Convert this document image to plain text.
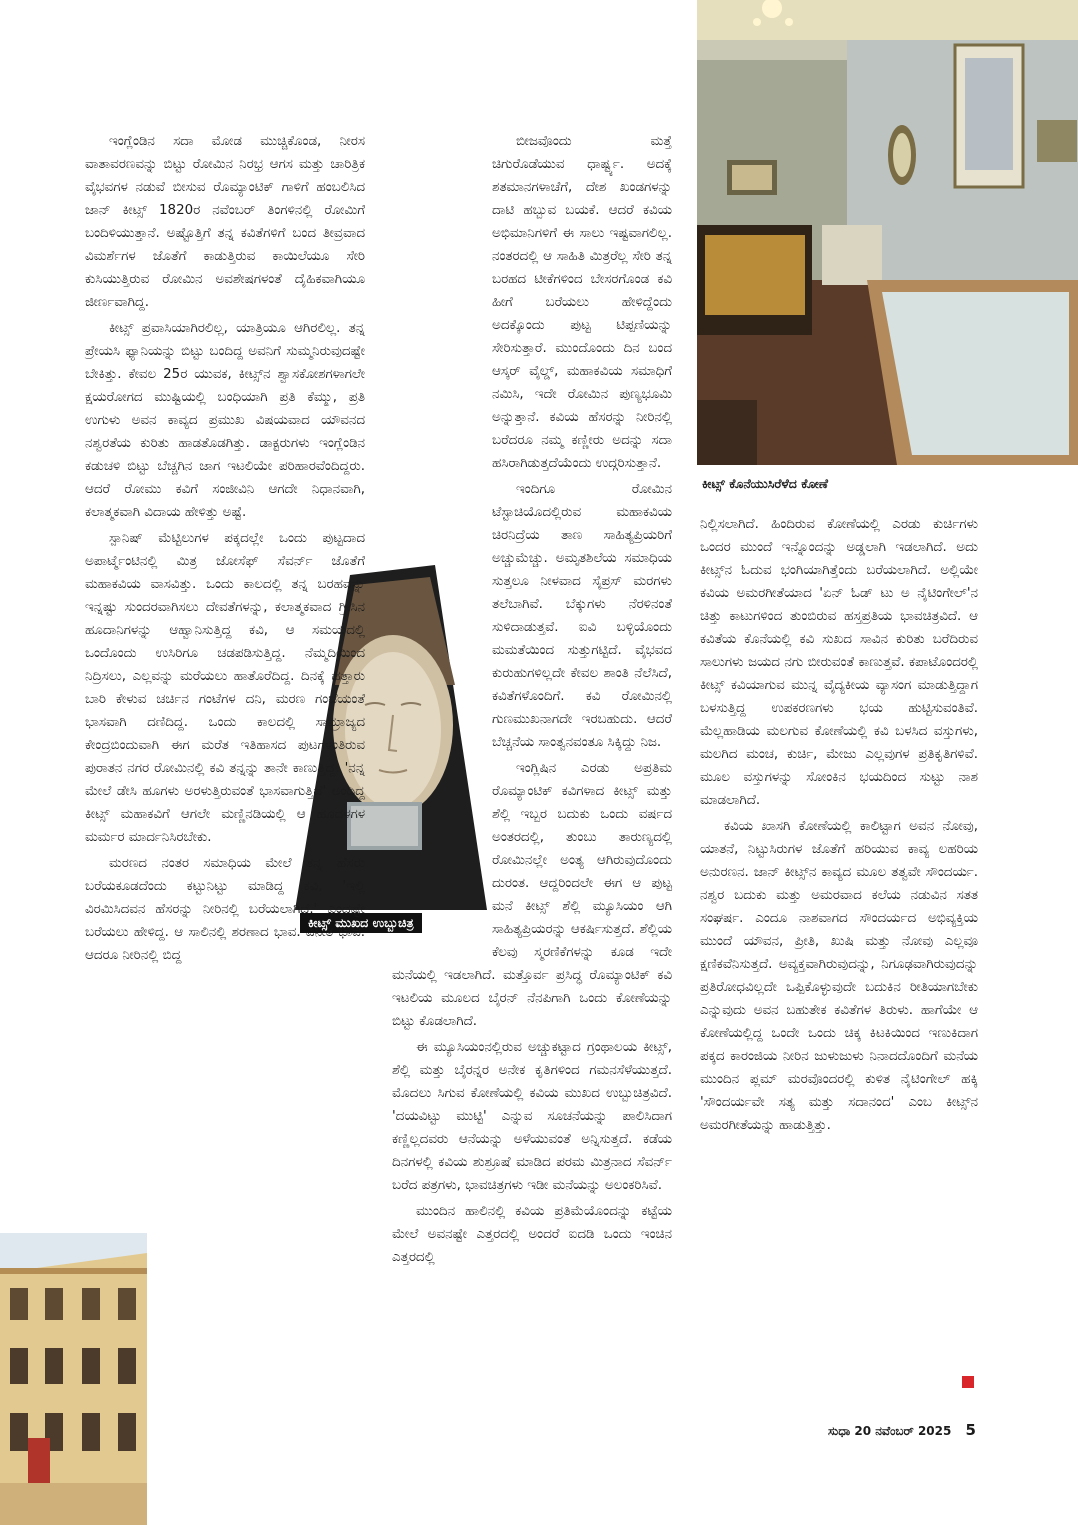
ಕೀಟ್ಸ್ ಕೊನೆಯುಸಿರೆಳೆದ ಕೋಣೆ
ಕೀಟ್ಸ್ ಮುಖದ ಉಬ್ಬುಚಿತ್ರ

ಇಂಗ್ಲೆಂಡಿನ ಸದಾ ಮೋಡ ಮುಚ್ಚಿಕೊಂಡ, ನೀರಸ ವಾತಾವರಣವನ್ನು ಬಿಟ್ಟು ರೋಮಿನ ನಿರಭ್ರ ಆಗಸ ಮತ್ತು ಚಾರಿತ್ರಿಕ ವೈಭವಗಳ ನಡುವೆ ಬೀಸುವ ರೊಮ್ಯಾಂಟಿಕ್ ಗಾಳಿಗೆ ಹಂಬಲಿಸಿದ ಜಾನ್ ಕೀಟ್ಸ್ 1820ರ ನವೆಂಬರ್ ತಿಂಗಳಿನಲ್ಲಿ ರೋಮಿಗೆ ಬಂದಿಳಿಯುತ್ತಾನೆ. ಅಷ್ಟೊತ್ತಿಗೆ ತನ್ನ ಕವಿತೆಗಳಿಗೆ ಬಂದ ತೀವ್ರವಾದ ವಿಮರ್ಶೆಗಳ ಜೊತೆಗೆ ಕಾಡುತ್ತಿರುವ ಕಾಯಿಲೆಯೂ ಸೇರಿ ಕುಸಿಯುತ್ತಿರುವ ರೋಮಿನ ಅವಶೇಷಗಳಂತೆ ದೈಹಿಕವಾಗಿಯೂ ಜೀರ್ಣವಾಗಿದ್ದ.

ಕೀಟ್ಸ್ ಪ್ರವಾಸಿಯಾಗಿರಲಿಲ್ಲ, ಯಾತ್ರಿಯೂ ಆಗಿರಲಿಲ್ಲ. ತನ್ನ ಪ್ರೇಯಸಿ ಫ್ಯಾನಿಯನ್ನು ಬಿಟ್ಟು ಬಂದಿದ್ದ ಅವನಿಗೆ ಸುಮ್ಮನಿರುವುದಷ್ಟೇ ಬೇಕಿತ್ತು. ಕೇವಲ 25ರ ಯುವಕ, ಕೀಟ್ಸ್‌ನ ಶ್ವಾಸಕೋಶಗಳಾಗಲೇ ಕ್ಷಯರೋಗದ ಮುಷ್ಟಿಯಲ್ಲಿ ಬಂಧಿಯಾಗಿ ಪ್ರತಿ ಕೆಮ್ಮು, ಪ್ರತಿ ಉಗುಳು ಅವನ ಕಾವ್ಯದ ಪ್ರಮುಖ ವಿಷಯವಾದ ಯೌವನದ ನಶ್ವರತೆಯ ಕುರಿತು ಹಾಡತೊಡಗಿತ್ತು. ಡಾಕ್ಟರುಗಳು ಇಂಗ್ಲೆಂಡಿನ ಕಡುಚಳಿ ಬಿಟ್ಟು ಬೆಚ್ಚಗಿನ ಜಾಗ ಇಟಲಿಯೇ ಪರಿಹಾರವೆಂದಿದ್ದರು. ಆದರೆ ರೋಮು ಕವಿಗೆ ಸಂಜೀವಿನಿ ಆಗದೇ ನಿಧಾನವಾಗಿ, ಕಲಾತ್ಮಕವಾಗಿ ವಿದಾಯ ಹೇಳಿತ್ತು ಅಷ್ಟೆ.

ಸ್ಪಾನಿಷ್ ಮೆಟ್ಟಿಲುಗಳ ಪಕ್ಕದಲ್ಲೇ ಒಂದು ಪುಟ್ಟದಾದ ಅಪಾರ್ಟ್ಮೆಂಟಿನಲ್ಲಿ ಮಿತ್ರ ಜೋಸೆಫ್ ಸೆವರ್ನ್ ಜೊತೆಗೆ ಮಹಾಕವಿಯ ವಾಸವಿತ್ತು. ಒಂದು ಕಾಲದಲ್ಲಿ ತನ್ನ ಬರಹವನ್ನು ಇನ್ನಷ್ಟು ಸುಂದರವಾಗಿಸಲು ದೇವತೆಗಳನ್ನು, ಕಲಾತ್ಮಕವಾದ ಗ್ರೀಸಿನ ಹೂದಾನಿಗಳನ್ನು ಆಹ್ವಾನಿಸುತ್ತಿದ್ದ ಕವಿ, ಆ ಸಮಯದಲ್ಲಿ ಒಂದೊಂದು ಉಸಿರಿಗೂ ಚಡಪಡಿಸುತ್ತಿದ್ದ. ನೆಮ್ಮದಿಯಿಂದ ನಿದ್ರಿಸಲು, ಎಲ್ಲವನ್ನು ಮರೆಯಲು ಹಾತೊರೆದಿದ್ದ. ದಿನಕ್ಕೆ ಹತ್ತಾರು ಬಾರಿ ಕೇಳುವ ಚರ್ಚಿನ ಗಂಟೆಗಳ ದನಿ, ಮರಣ ಗಂಟೆಯಂತೆ ಭಾಸವಾಗಿ ದಣಿದಿದ್ದ. ಒಂದು ಕಾಲದಲ್ಲಿ ಸಾಮ್ರಾಜ್ಯದ ಕೇಂದ್ರಬಿಂದುವಾಗಿ ಈಗ ಮರೆತ ಇತಿಹಾಸದ ಪುಟಗಳಂತಿರುವ ಪುರಾತನ ನಗರ ರೋಮಿನಲ್ಲಿ ಕವಿ ತನ್ನನ್ನು ತಾನೇ ಕಾಣುತ್ತಿದ್ದ. 'ನನ್ನ ಮೇಲೆ ಡೇಸಿ ಹೂಗಳು ಅರಳುತ್ತಿರುವಂತೆ ಭಾಸವಾಗುತ್ತಿದೆ' ಅಂದಿದ್ದ ಕೀಟ್ಸ್ ಮಹಾಕವಿಗೆ ಆಗಲೇ ಮಣ್ಣಿನಡಿಯಲ್ಲಿ ಆ ಹೂದಳಗಳ ಮರ್ಮರ ಮಾರ್ದನಿಸಿರಬೇಕು.

ಮರಣದ ನಂತರ ಸಮಾಧಿಯ ಮೇಲೆ ತನ್ನ ಹೆಸರು ಬರೆಯಕೂಡದೆಂದು ಕಟ್ಟುನಿಟ್ಟು ಮಾಡಿದ್ದ ಕವಿ, 'ಇಲ್ಲಿ ವಿರಮಿಸಿದವನ ಹೆಸರನ್ನು ನೀರಿನಲ್ಲಿ ಬರೆಯಲಾಗಿದೆ.' ಎಂದಷ್ಟೇ ಬರೆಯಲು ಹೇಳಿದ್ದ. ಆ ಸಾಲಿನಲ್ಲಿ ಶರಣಾದ ಭಾವ. ವಿನೀತ ಭಾವ. ಆದರೂ ನೀರಿನಲ್ಲಿ ಬಿದ್ದ

ಬೀಜವೊಂದು ಮತ್ತೆ ಚಿಗುರೊಡೆಯುವ ಧಾರ್ಷ್ಟ್ಯ. ಅದಕ್ಕೆ ಶತಮಾನಗಳಾಚೆಗೆ, ದೇಶ ಖಂಡಗಳನ್ನು ದಾಟಿ ಹಬ್ಬುವ ಬಯಕೆ. ಆದರೆ ಕವಿಯ ಅಭಿಮಾನಿಗಳಿಗೆ ಈ ಸಾಲು ಇಷ್ಟವಾಗಲಿಲ್ಲ. ನಂತರದಲ್ಲಿ ಆ ಸಾಹಿತಿ ಮಿತ್ರರೆಲ್ಲ ಸೇರಿ ತನ್ನ ಬರಹದ ಟೀಕೆಗಳಿಂದ ಬೇಸರಗೊಂಡ ಕವಿ ಹೀಗೆ ಬರೆಯಲು ಹೇಳಿದ್ದೆಂದು ಅದಕ್ಕೊಂದು ಪುಟ್ಟ ಟಿಪ್ಪಣಿಯನ್ನು ಸೇರಿಸುತ್ತಾರೆ. ಮುಂದೊಂದು ದಿನ ಬಂದ ಆಸ್ಕರ್ ವೈಲ್ಡ್, ಮಹಾಕವಿಯ ಸಮಾಧಿಗೆ ನಮಿಸಿ, ಇದೇ ರೋಮಿನ ಪುಣ್ಯಭೂಮಿ ಅನ್ನುತ್ತಾನೆ. ಕವಿಯ ಹೆಸರನ್ನು ನೀರಿನಲ್ಲಿ ಬರೆದರೂ ನಮ್ಮ ಕಣ್ಣೀರು ಅದನ್ನು ಸದಾ ಹಸಿರಾಗಿಡುತ್ತದೆಯೆಂದು ಉದ್ಗರಿಸುತ್ತಾನೆ.

ಇಂದಿಗೂ ರೋಮಿನ ಟೆಸ್ಟಾಚಿಯೊದಲ್ಲಿರುವ ಮಹಾಕವಿಯ ಚಿರನಿದ್ರೆಯ ತಾಣ ಸಾಹಿತ್ಯಪ್ರಿಯರಿಗೆ ಅಚ್ಚುಮೆಚ್ಚು. ಅಮೃತಶಿಲೆಯ ಸಮಾಧಿಯ ಸುತ್ತಲೂ ನೀಳವಾದ ಸೈಪ್ರಸ್ ಮರಗಳು ತಲೆಬಾಗಿವೆ. ಬೆಕ್ಕುಗಳು ನೆರಳಿನಂತೆ ಸುಳಿದಾಡುತ್ತವೆ. ಐವಿ ಬಳ್ಳಿಯೊಂದು ಮಮತೆಯಿಂದ ಸುತ್ತುಗಟ್ಟಿದೆ. ವೈಭವದ ಕುರುಹುಗಳಿಲ್ಲದೇ ಕೇವಲ ಶಾಂತಿ ನೆಲೆಸಿದೆ, ಕವಿತೆಗಳೊಂದಿಗೆ. ಕವಿ ರೋಮಿನಲ್ಲಿ ಗುಣಮುಖನಾಗದೇ ಇರಬಹುದು. ಆದರೆ ಬೆಚ್ಚನೆಯ ಸಾಂತ್ವನವಂತೂ ಸಿಕ್ಕಿದ್ದು ನಿಜ.

ಇಂಗ್ಲಿಷಿನ ಎರಡು ಅಪ್ರತಿಮ ರೊಮ್ಯಾಂಟಿಕ್ ಕವಿಗಳಾದ ಕೀಟ್ಸ್ ಮತ್ತು ಶೆಲ್ಲಿ ಇಬ್ಬರ ಬದುಕು ಒಂದು ವರ್ಷದ ಅಂತರದಲ್ಲಿ, ತುಂಬು ತಾರುಣ್ಯದಲ್ಲಿ ರೋಮಿನಲ್ಲೇ ಅಂತ್ಯ ಆಗಿರುವುದೊಂದು ದುರಂತ. ಆದ್ದರಿಂದಲೇ ಈಗ ಆ ಪುಟ್ಟ ಮನೆ ಕೀಟ್ಸ್ ಶೆಲ್ಲಿ ಮ್ಯೂಸಿಯಂ ಆಗಿ ಸಾಹಿತ್ಯಪ್ರಿಯರನ್ನು ಆಕರ್ಷಿಸುತ್ತದೆ. ಶೆಲ್ಲಿಯ ಕೆಲವು ಸ್ಮರಣಿಕೆಗಳನ್ನು ಕೂಡ ಇದೇ ಮನೆಯಲ್ಲಿ ಇಡಲಾಗಿದೆ. ಮತ್ತೊರ್ವ ಪ್ರಸಿದ್ಧ ರೊಮ್ಯಾಂಟಿಕ್ ಕವಿ ಇಟಲಿಯ ಮೂಲದ ಬೈರನ್ ನೆನಪಿಗಾಗಿ ಒಂದು ಕೋಣೆಯನ್ನು ಬಿಟ್ಟು ಕೊಡಲಾಗಿದೆ.

ಈ ಮ್ಯೂಸಿಯಂನಲ್ಲಿರುವ ಅಚ್ಚುಕಟ್ಟಾದ ಗ್ರಂಥಾಲಯ ಕೀಟ್ಸ್, ಶೆಲ್ಲಿ ಮತ್ತು ಬೈರನ್ನರ ಅನೇಕ ಕೃತಿಗಳಿಂದ ಗಮನಸೆಳೆಯುತ್ತದೆ. ಮೊದಲು ಸಿಗುವ ಕೋಣೆಯಲ್ಲಿ ಕವಿಯ ಮುಖದ ಉಬ್ಬುಚಿತ್ರವಿದೆ. 'ದಯವಿಟ್ಟು ಮುಟ್ಟಿ' ಎನ್ನುವ ಸೂಚನೆಯನ್ನು ಪಾಲಿಸಿದಾಗ ಕಣ್ಣಿಲ್ಲದವರು ಆನೆಯನ್ನು ಅಳೆಯುವಂತೆ ಅನ್ನಿಸುತ್ತದೆ. ಕಡೆಯ ದಿನಗಳಲ್ಲಿ ಕವಿಯ ಶುಶ್ರೂಷೆ ಮಾಡಿದ ಪರಮ ಮಿತ್ರನಾದ ಸೆವರ್ನ್ ಬರೆದ ಪತ್ರಗಳು, ಭಾವಚಿತ್ರಗಳು ಇಡೀ ಮನೆಯನ್ನು ಅಲಂಕರಿಸಿವೆ.

ಮುಂದಿನ ಹಾಲಿನಲ್ಲಿ ಕವಿಯ ಪ್ರತಿಮೆಯೊಂದನ್ನು ಕಟ್ಟೆಯ ಮೇಲೆ ಅವನಷ್ಟೇ ಎತ್ತರದಲ್ಲಿ ಅಂದರೆ ಐದಡಿ ಒಂದು ಇಂಚಿನ ಎತ್ತರದಲ್ಲಿ

ನಿಲ್ಲಿಸಲಾಗಿದೆ. ಹಿಂದಿರುವ ಕೋಣೆಯಲ್ಲಿ ಎರಡು ಕುರ್ಚಿಗಳು ಒಂದರ ಮುಂದೆ ಇನ್ನೊಂದನ್ನು ಅಡ್ಡಲಾಗಿ ಇಡಲಾಗಿದೆ. ಅದು ಕೀಟ್ಸ್‌ನ ಓದುವ ಭಂಗಿಯಾಗಿತ್ತೆಂದು ಬರೆಯಲಾಗಿದೆ. ಅಲ್ಲಿಯೇ ಕವಿಯ ಅಮರಗೀತೆಯಾದ 'ಏನ್ ಓಡ್ ಟು ಅ ನೈಟಿಂಗೇಲ್'ನ ಚಿತ್ತು ಕಾಟುಗಳಿಂದ ತುಂಬಿರುವ ಹಸ್ತಪ್ರತಿಯ ಭಾವಚಿತ್ರವಿದೆ. ಆ ಕವಿತೆಯ ಕೊನೆಯಲ್ಲಿ ಕವಿ ಸುಖದ ಸಾವಿನ ಕುರಿತು ಬರೆದಿರುವ ಸಾಲುಗಳು ಜಯದ ನಗು ಬೀರುವಂತೆ ಕಾಣುತ್ತವೆ. ಕಪಾಟೊಂದರಲ್ಲಿ ಕೀಟ್ಸ್ ಕವಿಯಾಗುವ ಮುನ್ನ ವೈದ್ಯಕೀಯ ವ್ಯಾಸಂಗ ಮಾಡುತ್ತಿದ್ದಾಗ ಬಳಸುತ್ತಿದ್ದ ಉಪಕರಣಗಳು ಭಯ ಹುಟ್ಟಿಸುವಂತಿವೆ. ಮೆಲ್ಲಹಾಡಿಯ ಮಲಗುವ ಕೋಣೆಯಲ್ಲಿ ಕವಿ ಬಳಸಿದ ವಸ್ತುಗಳು, ಮಲಗಿದ ಮಂಚ, ಕುರ್ಚಿ, ಮೇಜು ಎಲ್ಲವುಗಳ ಪ್ರತಿಕೃತಿಗಳಿವೆ. ಮೂಲ ವಸ್ತುಗಳನ್ನು ಸೋಂಕಿನ ಭಯದಿಂದ ಸುಟ್ಟು ನಾಶ ಮಾಡಲಾಗಿದೆ.

ಕವಿಯ ಖಾಸಗಿ ಕೋಣೆಯಲ್ಲಿ ಕಾಲಿಟ್ಟಾಗ ಅವನ ನೋವು, ಯಾತನೆ, ನಿಟ್ಟುಸಿರುಗಳ ಜೊತೆಗೆ ಹರಿಯುವ ಕಾವ್ಯ ಲಹರಿಯ ಅನುರಣನ. ಜಾನ್ ಕೀಟ್ಸ್‌ನ ಕಾವ್ಯದ ಮೂಲ ತತ್ವವೇ ಸೌಂದರ್ಯ. ನಶ್ವರ ಬದುಕು ಮತ್ತು ಅಮರವಾದ ಕಲೆಯ ನಡುವಿನ ಸತತ ಸಂಘರ್ಷ. ಎಂದೂ ನಾಶವಾಗದ ಸೌಂದರ್ಯದ ಅಭಿವ್ಯಕ್ತಿಯ ಮುಂದೆ ಯೌವನ, ಪ್ರೀತಿ, ಖುಷಿ ಮತ್ತು ನೋವು ಎಲ್ಲವೂ ಕ್ಷಣಿಕವೆನಿಸುತ್ತದೆ. ಅವ್ಯಕ್ತವಾಗಿರುವುದನ್ನು, ನಿಗೂಢವಾಗಿರುವುದನ್ನು ಪ್ರತಿರೋಧವಿಲ್ಲದೇ ಒಪ್ಪಿಕೊಳ್ಳುವುದೇ ಬದುಕಿನ ರೀತಿಯಾಗಬೇಕು ಎನ್ನುವುದು ಅವನ ಬಹುತೇಕ ಕವಿತೆಗಳ ತಿರುಳು. ಹಾಗೆಯೇ ಆ ಕೋಣೆಯಲ್ಲಿದ್ದ ಒಂದೇ ಒಂದು ಚಿಕ್ಕ ಕಿಟಕಿಯಿಂದ ಇಣುಕಿದಾಗ ಪಕ್ಕದ ಕಾರಂಜಿಯ ನೀರಿನ ಜುಳುಜುಳು ನಿನಾದದೊಂದಿಗೆ ಮನೆಯ ಮುಂದಿನ ಪ್ಲಮ್ ಮರವೊಂದರಲ್ಲಿ ಕುಳಿತ ನೈಟಿಂಗೇಲ್ ಹಕ್ಕಿ 'ಸೌಂದರ್ಯವೇ ಸತ್ಯ ಮತ್ತು ಸದಾನಂದ' ಎಂಬ ಕೀಟ್ಸ್‌ನ ಅಮರಗೀತೆಯನ್ನು ಹಾಡುತ್ತಿತ್ತು.

ಸುಧಾ 20 ನವೆಂಬರ್ 2025 5
